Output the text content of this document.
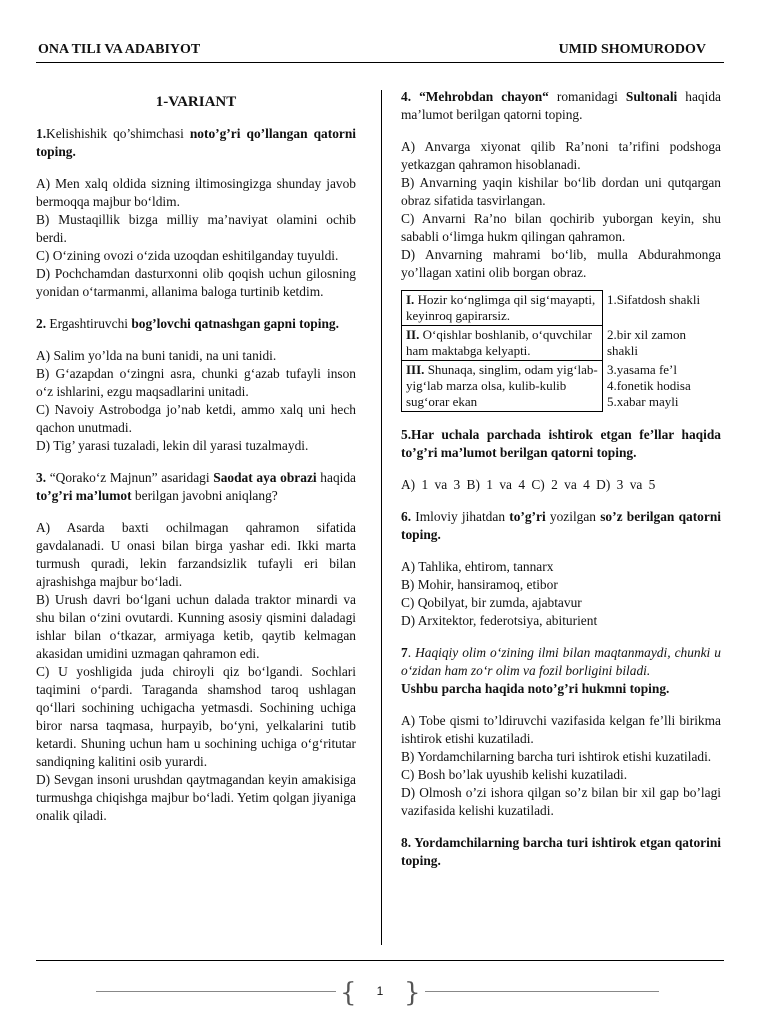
ONA TILI VA ADABIYOT	UMID SHOMURODOV
1-VARIANT
1.Kelishishik qo’shimchasi noto’g’ri qo’llangan qatorni toping.

A) Men xalq oldida sizning iltimosingizga shunday javob bermoqqa majbur bo‘ldim.

B) Mustaqillik bizga milliy ma’naviyat olamini ochib berdi.

C) O‘zining ovozi o‘zida uzoqdan eshitilganday tuyuldi.

D) Pochchamdan dasturxonni olib qoqish uchun gilosning yonidan o‘tarmanmi, allanima baloga turtinib ketdim.

2. Ergashtiruvchi bog’lovchi qatnashgan gapni toping.

A) Salim yo’lda na buni tanidi, na uni tanidi.

B) G‘azapdan o‘zingni asra, chunki g‘azab tufayli inson o‘z ishlarini, ezgu maqsadlarini unitadi.

C) Navoiy Astrobodga jo’nab ketdi, ammo xalq uni hech qachon unutmadi.

D) Tig’ yarasi tuzaladi, lekin dil yarasi tuzalmaydi.

3. “Qorako‘z Majnun” asaridagi Saodat aya obrazi haqida to’g’ri ma’lumot berilgan javobni aniqlang?

A) Asarda baxti ochilmagan qahramon sifatida gavdalanadi. U onasi bilan birga yashar edi. Ikki marta turmush quradi, lekin farzandsizlik tufayli eri bilan ajrashishga majbur bo‘ladi.

B) Urush davri bo‘lgani uchun dalada traktor minardi va shu bilan o‘zini ovutardi. Kunning asosiy qismini daladagi ishlar bilan o‘tkazar, armiyaga ketib, qaytib kelmagan akasidan umidini uzmagan qahramon edi.

C) U yoshligida juda chiroyli qiz bo‘lgandi. Sochlari taqimini o‘pardi. Taraganda shamshod taroq ushlagan qo‘llari sochining uchigacha yetmasdi. Sochining uchiga biror narsa taqmasa, hurpayib, bo‘yni, yelkalarini tutib ketardi. Shuning uchun ham u sochining uchiga o‘g‘ritutar sandiqning kalitini osib yurardi.

D) Sevgan insoni urushdan qaytmagandan keyin amakisiga turmushga chiqishga majbur bo‘ladi. Yetim qolgan jiyaniga onalik qiladi.

4. “Mehrobdan chayon“ romanidagi Sultonali haqida ma’lumot berilgan qatorni toping.

A) Anvarga xiyonat qilib Ra’noni ta’rifini podshoga yetkazgan qahramon hisoblanadi.

B) Anvarning yaqin kishilar bo‘lib dordan uni qutqargan obraz sifatida tasvirlangan.

C) Anvarni Ra’no bilan qochirib yuborgan keyin, shu sababli o‘limga hukm qilingan qahramon.

D) Anvarning mahrami bo‘lib, mulla Abdurahmonga yo’llagan xatini olib borgan obraz.

I. Hozir ko‘nglimga qil sig‘mayapti, keyinroq gapirarsiz.	1.Sifatdosh shakli
II. O‘qishlar boshlanib, o‘quvchilar ham maktabga kelyapti.	2.bir xil zamon shakli
III. Shunaqa, singlim, odam yig‘lab-yig‘lab marza olsa, kulib-kulib sug‘orar ekan	3.yasama fe’l
4.fonetik hodisa
5.xabar mayli
5.Har uchala parchada ishtirok etgan fe’llar haqida to’g’ri ma’lumot berilgan qatorni toping.

A) 1 va 3 B) 1 va 4 C) 2 va 4 D) 3 va 5

6. Imloviy jihatdan to’g’ri yozilgan so’z berilgan qatorni toping.

A) Tahlika, ehtirom, tannarx

B) Mohir, hansiramoq, etibor

C) Qobilyat, bir zumda, ajabtavur

D) Arxitektor, federotsiya, abiturient

7. Haqiqiy olim o‘zining ilmi bilan maqtanmaydi, chunki u o‘zidan ham zo‘r olim va fozil borligini biladi.
Ushbu parcha haqida noto’g’ri hukmni toping.

A) Tobe qismi to’ldiruvchi vazifasida kelgan fe’lli birikma ishtirok etishi kuzatiladi.

B) Yordamchilarning barcha turi ishtirok etishi kuzatiladi.

C) Bosh bo’lak uyushib kelishi kuzatiladi.

D) Olmosh o’zi ishora qilgan so’z bilan bir xil gap bo’lagi vazifasida kelishi kuzatiladi.

8. Yordamchilarning barcha turi ishtirok etgan qatorini toping.
{ }
1
